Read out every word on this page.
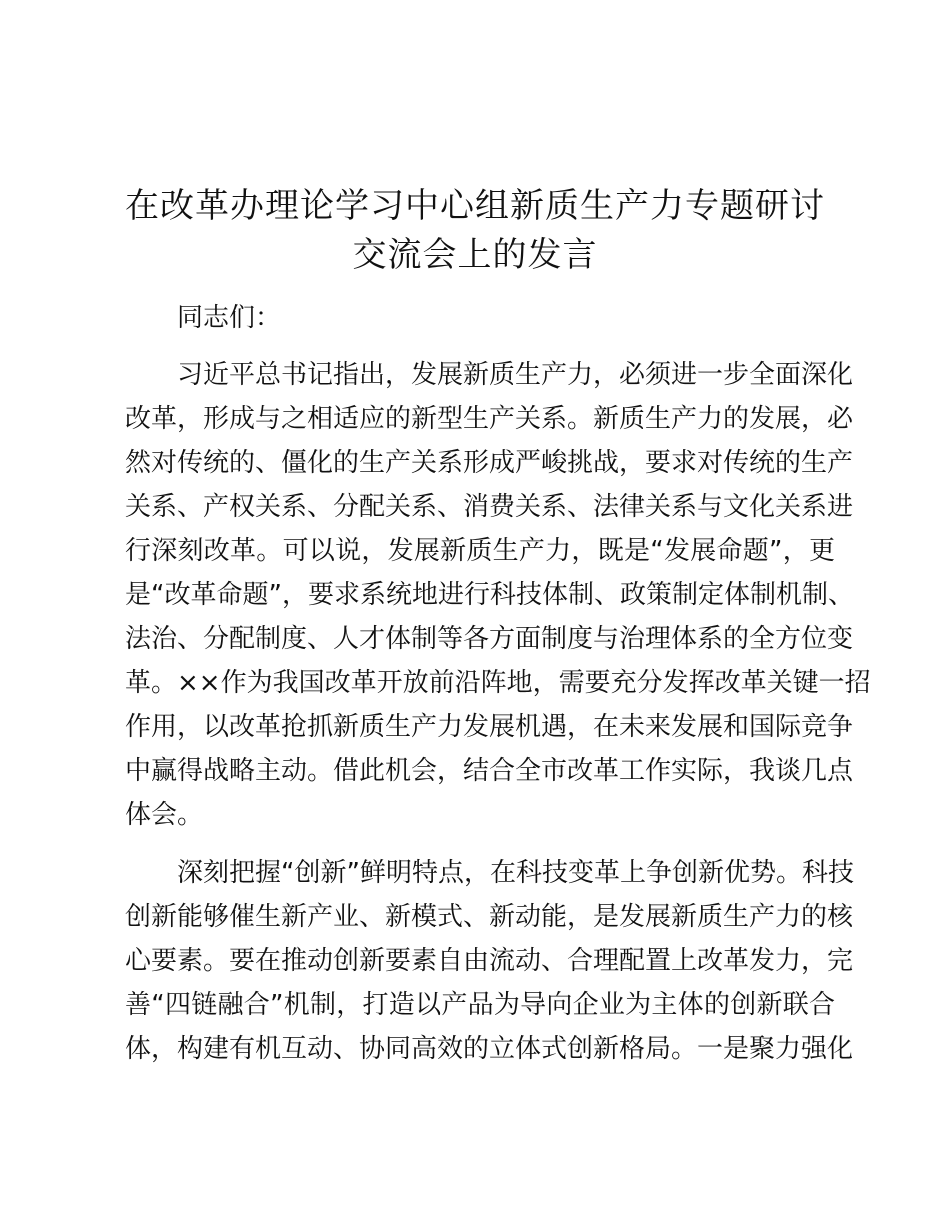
在改革办理论学习中心组新质生产力专题研讨
交流会上的发言

同志们：

习近平总书记指出，发展新质生产力，必须进一步全面深化

改革，形成与之相适应的新型生产关系。新质生产力的发展，必

然对传统的、僵化的生产关系形成严峻挑战，要求对传统的生产

关系、产权关系、分配关系、消费关系、法律关系与文化关系进

行深刻改革。可以说，发展新质生产力，既是“发展命题”，更

是“改革命题”，要求系统地进行科技体制、政策制定体制机制、

法治、分配制度、人才体制等各方面制度与治理体系的全方位变

革。××作为我国改革开放前沿阵地，需要充分发挥改革关键一招

作用，以改革抢抓新质生产力发展机遇，在未来发展和国际竞争

中赢得战略主动。借此机会，结合全市改革工作实际，我谈几点

体会。

深刻把握“创新”鲜明特点，在科技变革上争创新优势。科技

创新能够催生新产业、新模式、新动能，是发展新质生产力的核

心要素。要在推动创新要素自由流动、合理配置上改革发力，完

善“四链融合”机制，打造以产品为导向企业为主体的创新联合

体，构建有机互动、协同高效的立体式创新格局。一是聚力强化
